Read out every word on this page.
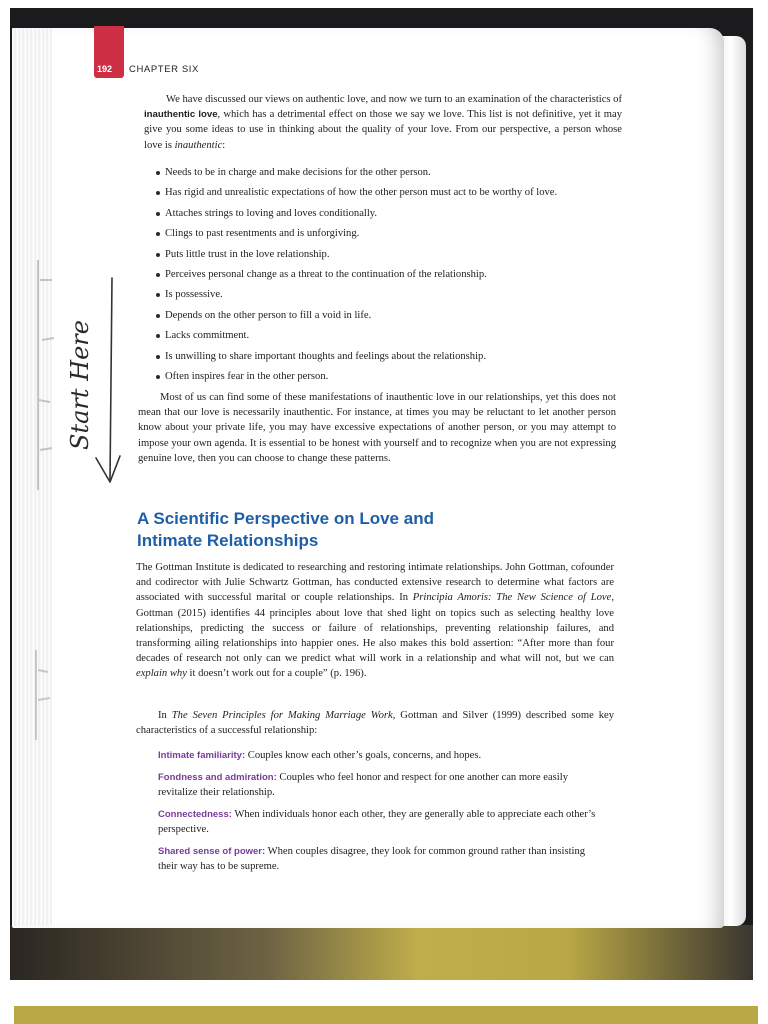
192 CHAPTER SIX

We have discussed our views on authentic love, and now we turn to an examination of the characteristics of inauthentic love, which has a detrimental effect on those we say we love. This list is not definitive, yet it may give you some ideas to use in thinking about the quality of your love. From our perspective, a person whose love is inauthentic:

Needs to be in charge and make decisions for the other person.
Has rigid and unrealistic expectations of how the other person must act to be worthy of love.
Attaches strings to loving and loves conditionally.
Clings to past resentments and is unforgiving.
Puts little trust in the love relationship.
Perceives personal change as a threat to the continuation of the relationship.
Is possessive.
Depends on the other person to fill a void in life.
Lacks commitment.
Is unwilling to share important thoughts and feelings about the relationship.
Often inspires fear in the other person.

Most of us can find some of these manifestations of inauthentic love in our relationships, yet this does not mean that our love is necessarily inauthentic. For instance, at times you may be reluctant to let another person know about your private life, you may have excessive expectations of another person, or you may attempt to impose your own agenda. It is essential to be honest with yourself and to recognize when you are not expressing genuine love, then you can choose to change these patterns.

A Scientific Perspective on Love and Intimate Relationships

The Gottman Institute is dedicated to researching and restoring intimate relationships. John Gottman, cofounder and codirector with Julie Schwartz Gottman, has conducted extensive research to determine what factors are associated with successful marital or couple relationships. In Principia Amoris: The New Science of Love, Gottman (2015) identifies 44 principles about love that shed light on topics such as selecting healthy love relationships, predicting the success or failure of relationships, preventing relationship failures, and transforming ailing relationships into happier ones. He also makes this bold assertion: “After more than four decades of research not only can we predict what will work in a relationship and what will not, but we can explain why it doesn’t work out for a couple” (p. 196).

In The Seven Principles for Making Marriage Work, Gottman and Silver (1999) described some key characteristics of a successful relationship:

Intimate familiarity: Couples know each other’s goals, concerns, and hopes.

Fondness and admiration: Couples who feel honor and respect for one another can more easily revitalize their relationship.

Connectedness: When individuals honor each other, they are generally able to appreciate each other’s perspective.

Shared sense of power: When couples disagree, they look for common ground rather than insisting their way has to be supreme.

Start Here
